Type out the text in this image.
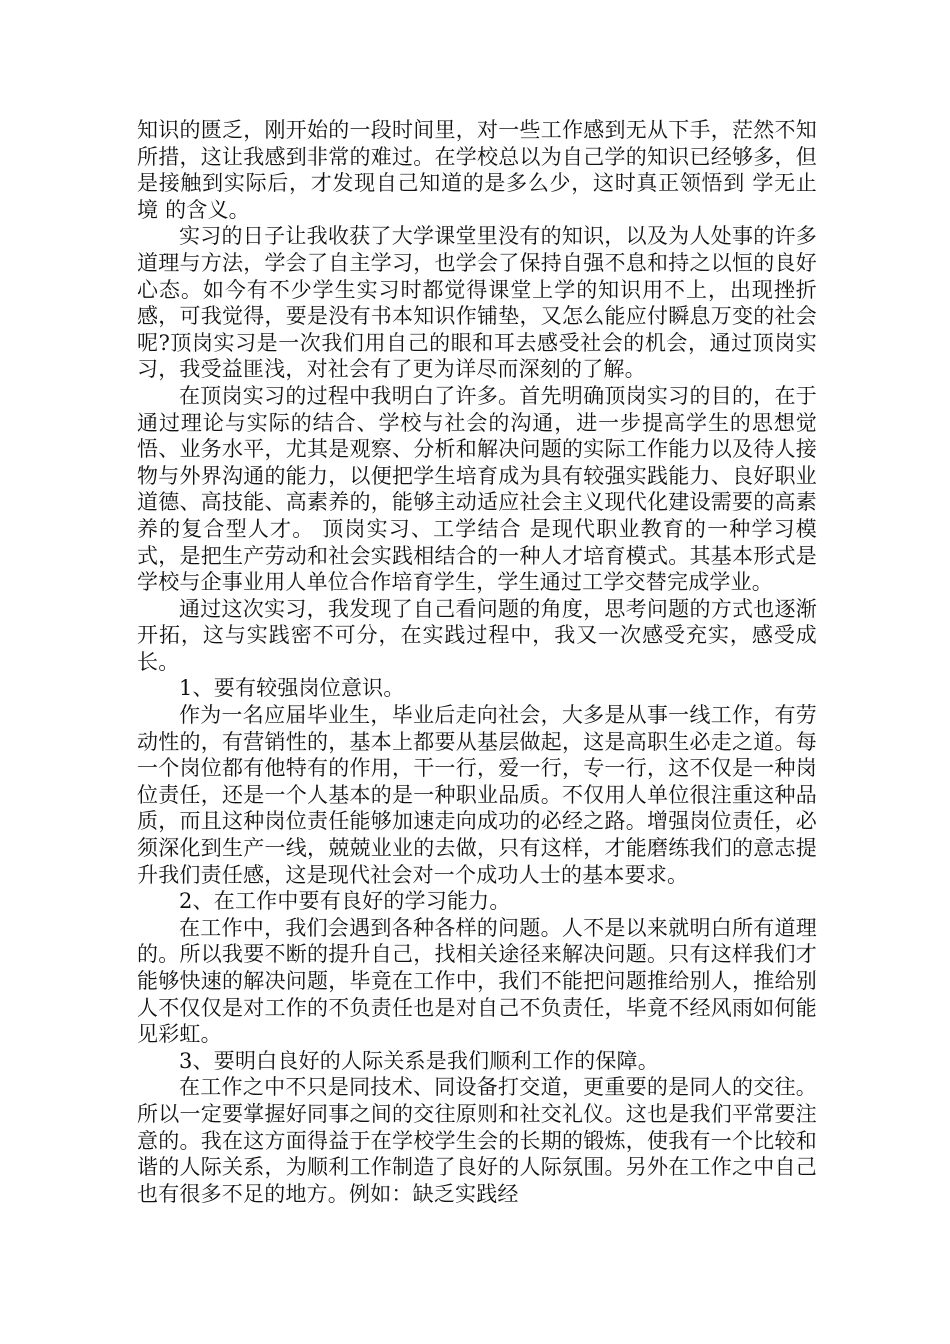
知识的匮乏，刚开始的一段时间里，对一些工作感到无从下手，茫然不知所措，这让我感到非常的难过。在学校总以为自己学的知识已经够多，但是接触到实际后，才发现自己知道的是多么少，这时真正领悟到 学无止境 的含义。

实习的日子让我收获了大学课堂里没有的知识，以及为人处事的许多道理与方法，学会了自主学习，也学会了保持自强不息和持之以恒的良好心态。如今有不少学生实习时都觉得课堂上学的知识用不上，出现挫折感，可我觉得，要是没有书本知识作铺垫，又怎么能应付瞬息万变的社会呢?顶岗实习是一次我们用自己的眼和耳去感受社会的机会，通过顶岗实习，我受益匪浅，对社会有了更为详尽而深刻的了解。

在顶岗实习的过程中我明白了许多。首先明确顶岗实习的目的，在于通过理论与实际的结合、学校与社会的沟通，进一步提高学生的思想觉悟、业务水平，尤其是观察、分析和解决问题的实际工作能力以及待人接物与外界沟通的能力，以便把学生培育成为具有较强实践能力、良好职业道德、高技能、高素养的，能够主动适应社会主义现代化建设需要的高素养的复合型人才。 顶岗实习、工学结合 是现代职业教育的一种学习模式，是把生产劳动和社会实践相结合的一种人才培育模式。其基本形式是学校与企事业用人单位合作培育学生，学生通过工学交替完成学业。

通过这次实习，我发现了自己看问题的角度，思考问题的方式也逐渐开拓，这与实践密不可分，在实践过程中，我又一次感受充实，感受成长。

1、要有较强岗位意识。

作为一名应届毕业生，毕业后走向社会，大多是从事一线工作，有劳动性的，有营销性的，基本上都要从基层做起，这是高职生必走之道。每一个岗位都有他特有的作用，干一行，爱一行，专一行，这不仅是一种岗位责任，还是一个人基本的是一种职业品质。不仅用人单位很注重这种品质，而且这种岗位责任能够加速走向成功的必经之路。增强岗位责任，必须深化到生产一线，兢兢业业的去做，只有这样，才能磨练我们的意志提升我们责任感，这是现代社会对一个成功人士的基本要求。

2、在工作中要有良好的学习能力。

在工作中，我们会遇到各种各样的问题。人不是以来就明白所有道理的。所以我要不断的提升自己，找相关途径来解决问题。只有这样我们才能够快速的解决问题，毕竟在工作中，我们不能把问题推给别人，推给别人不仅仅是对工作的不负责任也是对自己不负责任，毕竟不经风雨如何能见彩虹。

3、要明白良好的人际关系是我们顺利工作的保障。

在工作之中不只是同技术、同设备打交道，更重要的是同人的交往。所以一定要掌握好同事之间的交往原则和社交礼仪。这也是我们平常要注意的。我在这方面得益于在学校学生会的长期的锻炼，使我有一个比较和谐的人际关系，为顺利工作制造了良好的人际氛围。另外在工作之中自己也有很多不足的地方。例如：缺乏实践经
